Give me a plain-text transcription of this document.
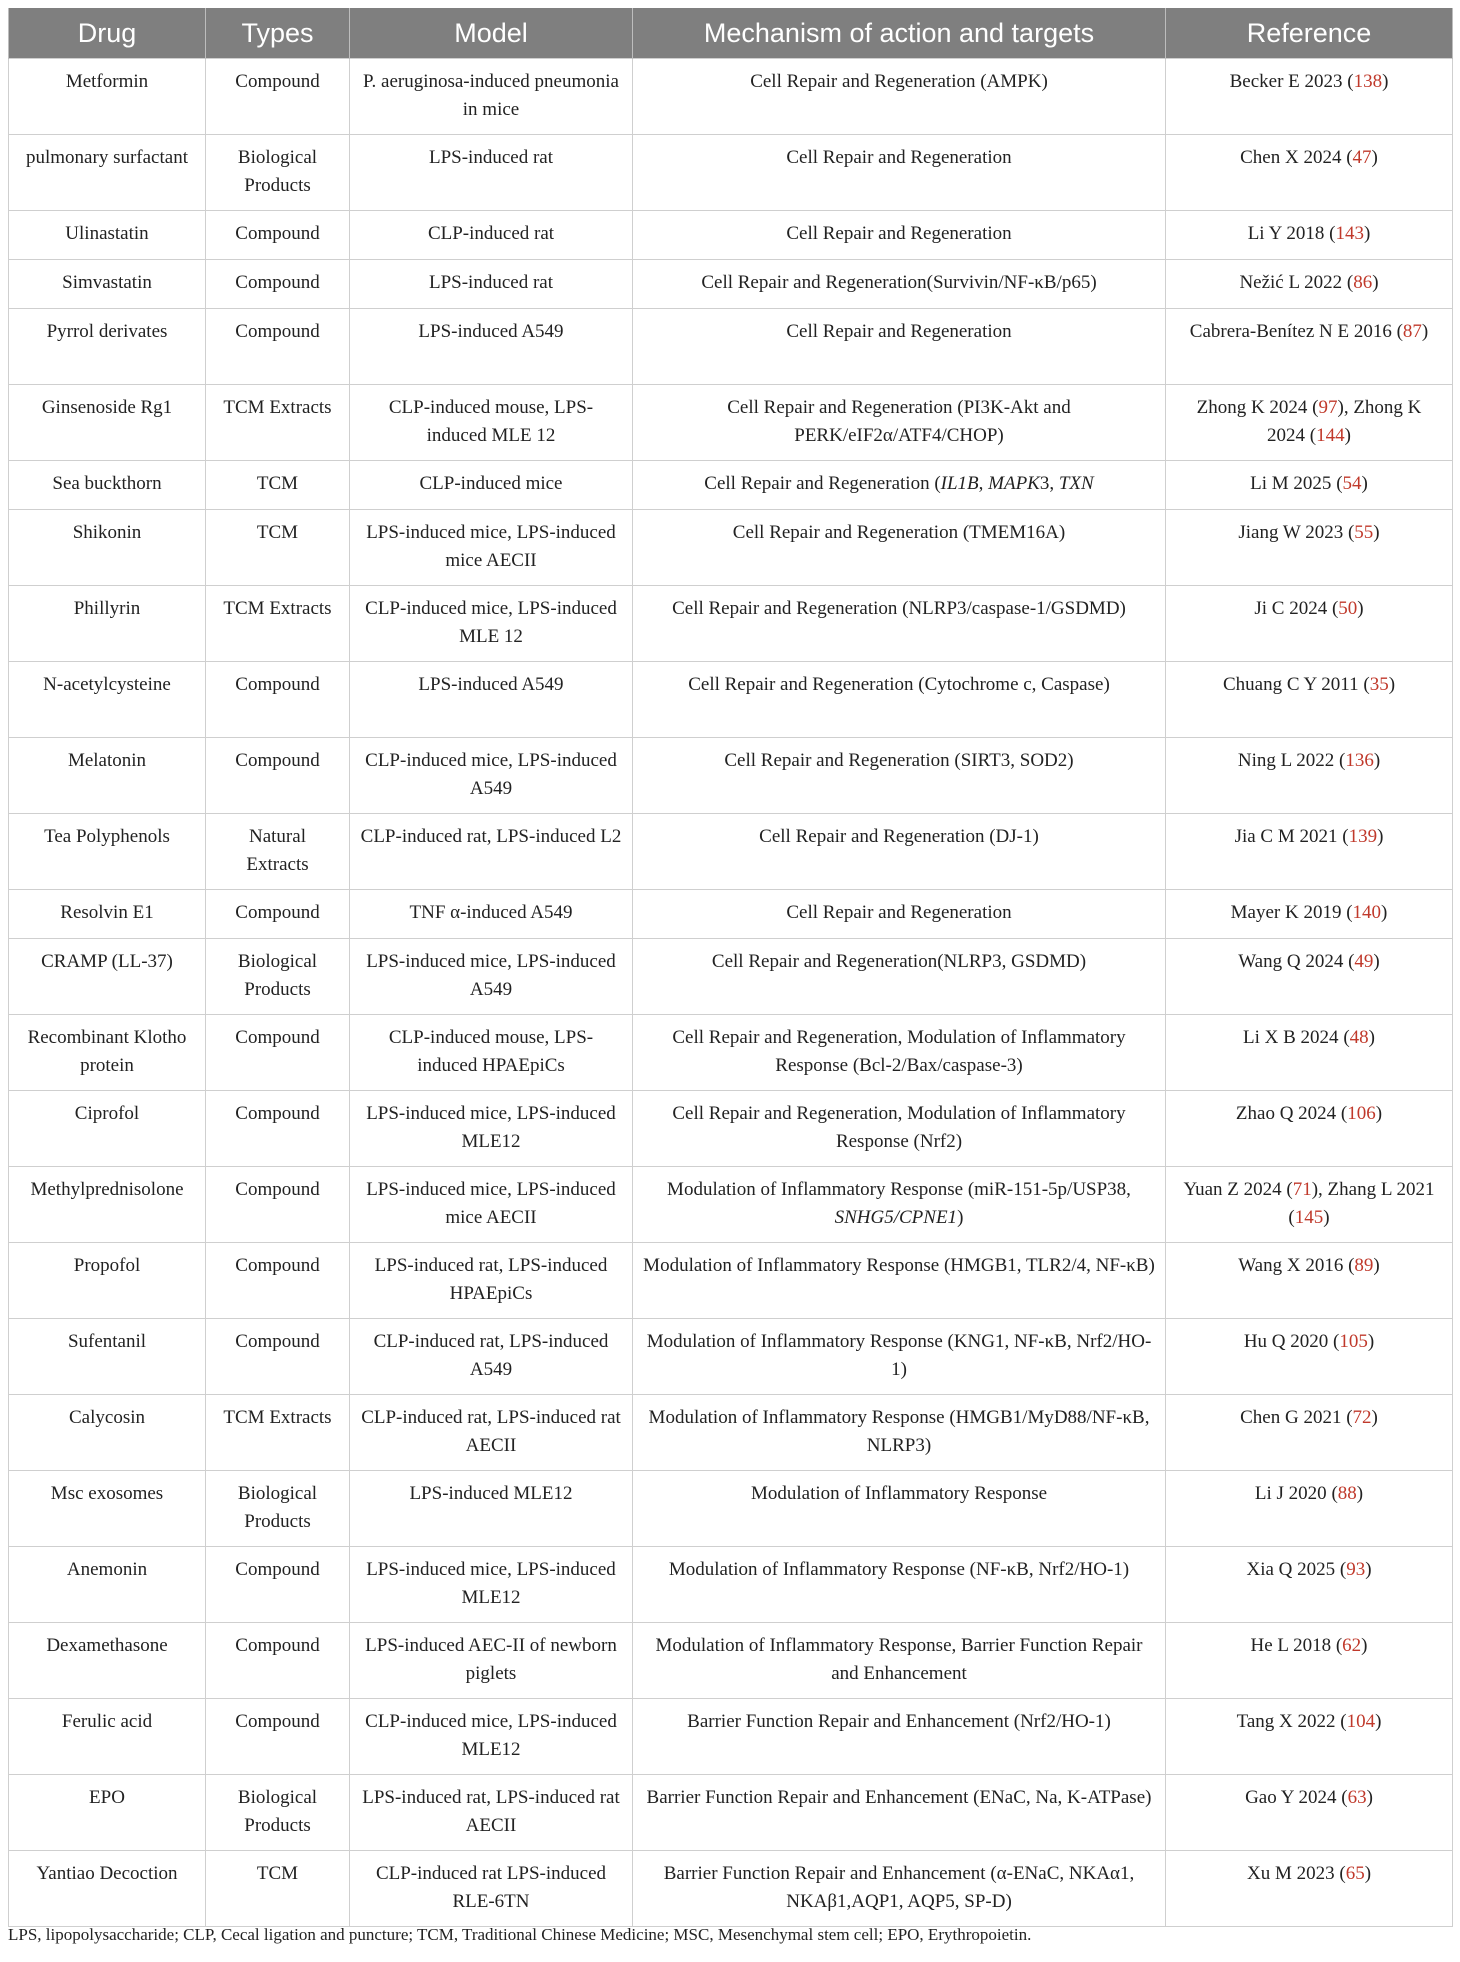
Drug	Types	Model	Mechanism of action and targets	Reference
Metformin	Compound	P. aeruginosa-induced pneumonia in mice	Cell Repair and Regeneration (AMPK)	Becker E 2023 (138)
pulmonary surfactant	Biological Products	LPS-induced rat	Cell Repair and Regeneration	Chen X 2024 (47)
Ulinastatin	Compound	CLP-induced rat	Cell Repair and Regeneration	Li Y 2018 (143)
Simvastatin	Compound	LPS-induced rat	Cell Repair and Regeneration(Survivin/NF-κB/p65)	Nežić L 2022 (86)
Pyrrol derivates	Compound	LPS-induced A549	Cell Repair and Regeneration	Cabrera-Benítez N E 2016 (87)
Ginsenoside Rg1	TCM Extracts	CLP-induced mouse, LPS-induced MLE 12	Cell Repair and Regeneration (PI3K-Akt and PERK/eIF2α/ATF4/CHOP)	Zhong K 2024 (97), Zhong K 2024 (144)
Sea buckthorn	TCM	CLP-induced mice	Cell Repair and Regeneration (IL1B, MAPK3, TXN	Li M 2025 (54)
Shikonin	TCM	LPS-induced mice, LPS-induced mice AECII	Cell Repair and Regeneration (TMEM16A)	Jiang W 2023 (55)
Phillyrin	TCM Extracts	CLP-induced mice, LPS-induced MLE 12	Cell Repair and Regeneration (NLRP3/caspase-1/GSDMD)	Ji C 2024 (50)
N-acetylcysteine	Compound	LPS-induced A549	Cell Repair and Regeneration (Cytochrome c, Caspase)	Chuang C Y 2011 (35)
Melatonin	Compound	CLP-induced mice, LPS-induced A549	Cell Repair and Regeneration (SIRT3, SOD2)	Ning L 2022 (136)
Tea Polyphenols	Natural Extracts	CLP-induced rat, LPS-induced L2	Cell Repair and Regeneration (DJ-1)	Jia C M 2021 (139)
Resolvin E1	Compound	TNF α-induced A549	Cell Repair and Regeneration	Mayer K 2019 (140)
CRAMP (LL-37)	Biological Products	LPS-induced mice, LPS-induced A549	Cell Repair and Regeneration(NLRP3, GSDMD)	Wang Q 2024 (49)
Recombinant Klotho protein	Compound	CLP-induced mouse, LPS-induced HPAEpiCs	Cell Repair and Regeneration, Modulation of Inflammatory Response (Bcl-2/Bax/caspase-3)	Li X B 2024 (48)
Ciprofol	Compound	LPS-induced mice, LPS-induced MLE12	Cell Repair and Regeneration, Modulation of Inflammatory Response (Nrf2)	Zhao Q 2024 (106)
Methylprednisolone	Compound	LPS-induced mice, LPS-induced mice AECII	Modulation of Inflammatory Response (miR-151-5p/USP38, SNHG5/CPNE1)	Yuan Z 2024 (71), Zhang L 2021 (145)
Propofol	Compound	LPS-induced rat, LPS-induced HPAEpiCs	Modulation of Inflammatory Response (HMGB1, TLR2/4, NF-κB)	Wang X 2016 (89)
Sufentanil	Compound	CLP-induced rat, LPS-induced A549	Modulation of Inflammatory Response (KNG1, NF-κB, Nrf2/HO-1)	Hu Q 2020 (105)
Calycosin	TCM Extracts	CLP-induced rat, LPS-induced rat AECII	Modulation of Inflammatory Response (HMGB1/MyD88/NF-κB, NLRP3)	Chen G 2021 (72)
Msc exosomes	Biological Products	LPS-induced MLE12	Modulation of Inflammatory Response	Li J 2020 (88)
Anemonin	Compound	LPS-induced mice, LPS-induced MLE12	Modulation of Inflammatory Response (NF-κB, Nrf2/HO-1)	Xia Q 2025 (93)
Dexamethasone	Compound	LPS-induced AEC-II of newborn piglets	Modulation of Inflammatory Response, Barrier Function Repair and Enhancement	He L 2018 (62)
Ferulic acid	Compound	CLP-induced mice, LPS-induced MLE12	Barrier Function Repair and Enhancement (Nrf2/HO-1)	Tang X 2022 (104)
EPO	Biological Products	LPS-induced rat, LPS-induced rat AECII	Barrier Function Repair and Enhancement (ENaC, Na, K-ATPase)	Gao Y 2024 (63)
Yantiao Decoction	TCM	CLP-induced rat LPS-induced RLE-6TN	Barrier Function Repair and Enhancement (α-ENaC, NKAα1, NKAβ1,AQP1, AQP5, SP-D)	Xu M 2023 (65)
LPS, lipopolysaccharide; CLP, Cecal ligation and puncture; TCM, Traditional Chinese Medicine; MSC, Mesenchymal stem cell; EPO, Erythropoietin.
